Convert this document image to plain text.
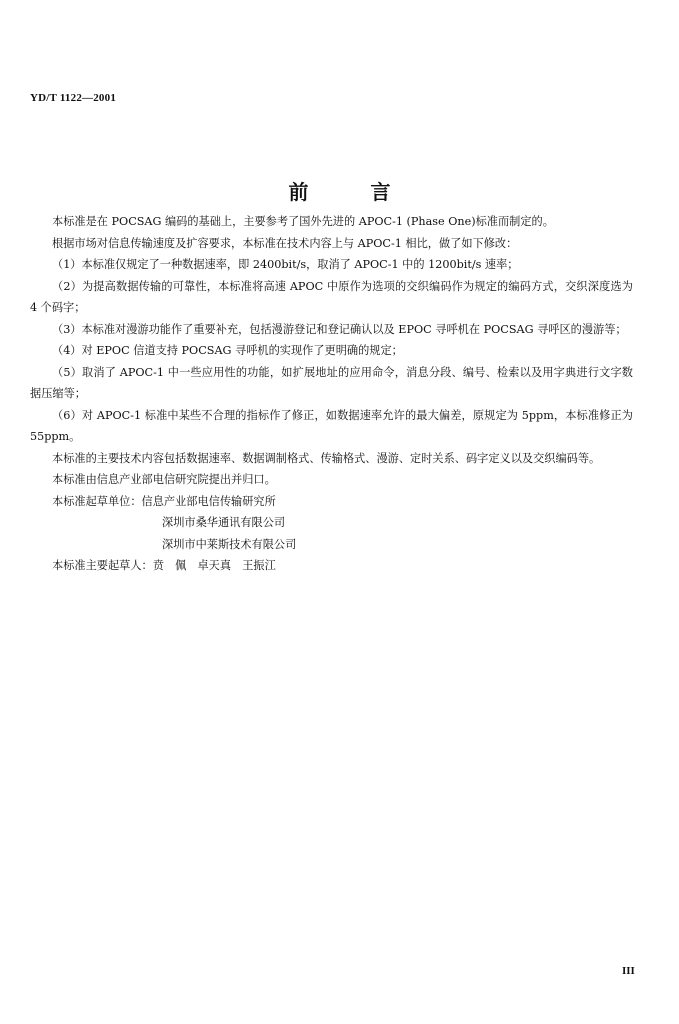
YD/T 1122—2001
前	言

本标准是在 POCSAG 编码的基础上，主要参考了国外先进的 APOC-1 (Phase One)标准而制定的。

根据市场对信息传输速度及扩容要求，本标准在技术内容上与 APOC-1 相比，做了如下修改：

（1）本标准仅规定了一种数据速率，即 2400bit/s，取消了 APOC-1 中的 1200bit/s 速率；

（2）为提高数据传输的可靠性，本标准将高速 APOC 中原作为选项的交织编码作为规定的编码方式，交织深度选为 4 个码字；

（3）本标准对漫游功能作了重要补充，包括漫游登记和登记确认以及 EPOC 寻呼机在 POCSAG 寻呼区的漫游等；

（4）对 EPOC 信道支持 POCSAG 寻呼机的实现作了更明确的规定；

（5）取消了 APOC-1 中一些应用性的功能，如扩展地址的应用命令，消息分段、编号、检索以及用字典进行文字数据压缩等；

（6）对 APOC-1 标准中某些不合理的指标作了修正，如数据速率允许的最大偏差，原规定为 5ppm，本标准修正为 55ppm。

本标准的主要技术内容包括数据速率、数据调制格式、传输格式、漫游、定时关系、码字定义以及交织编码等。

本标准由信息产业部电信研究院提出并归口。

本标准起草单位：信息产业部电信传输研究所

深圳市桑华通讯有限公司

深圳市中莱斯技术有限公司

本标准主要起草人：贲　佩　卓天真　王振江

III
